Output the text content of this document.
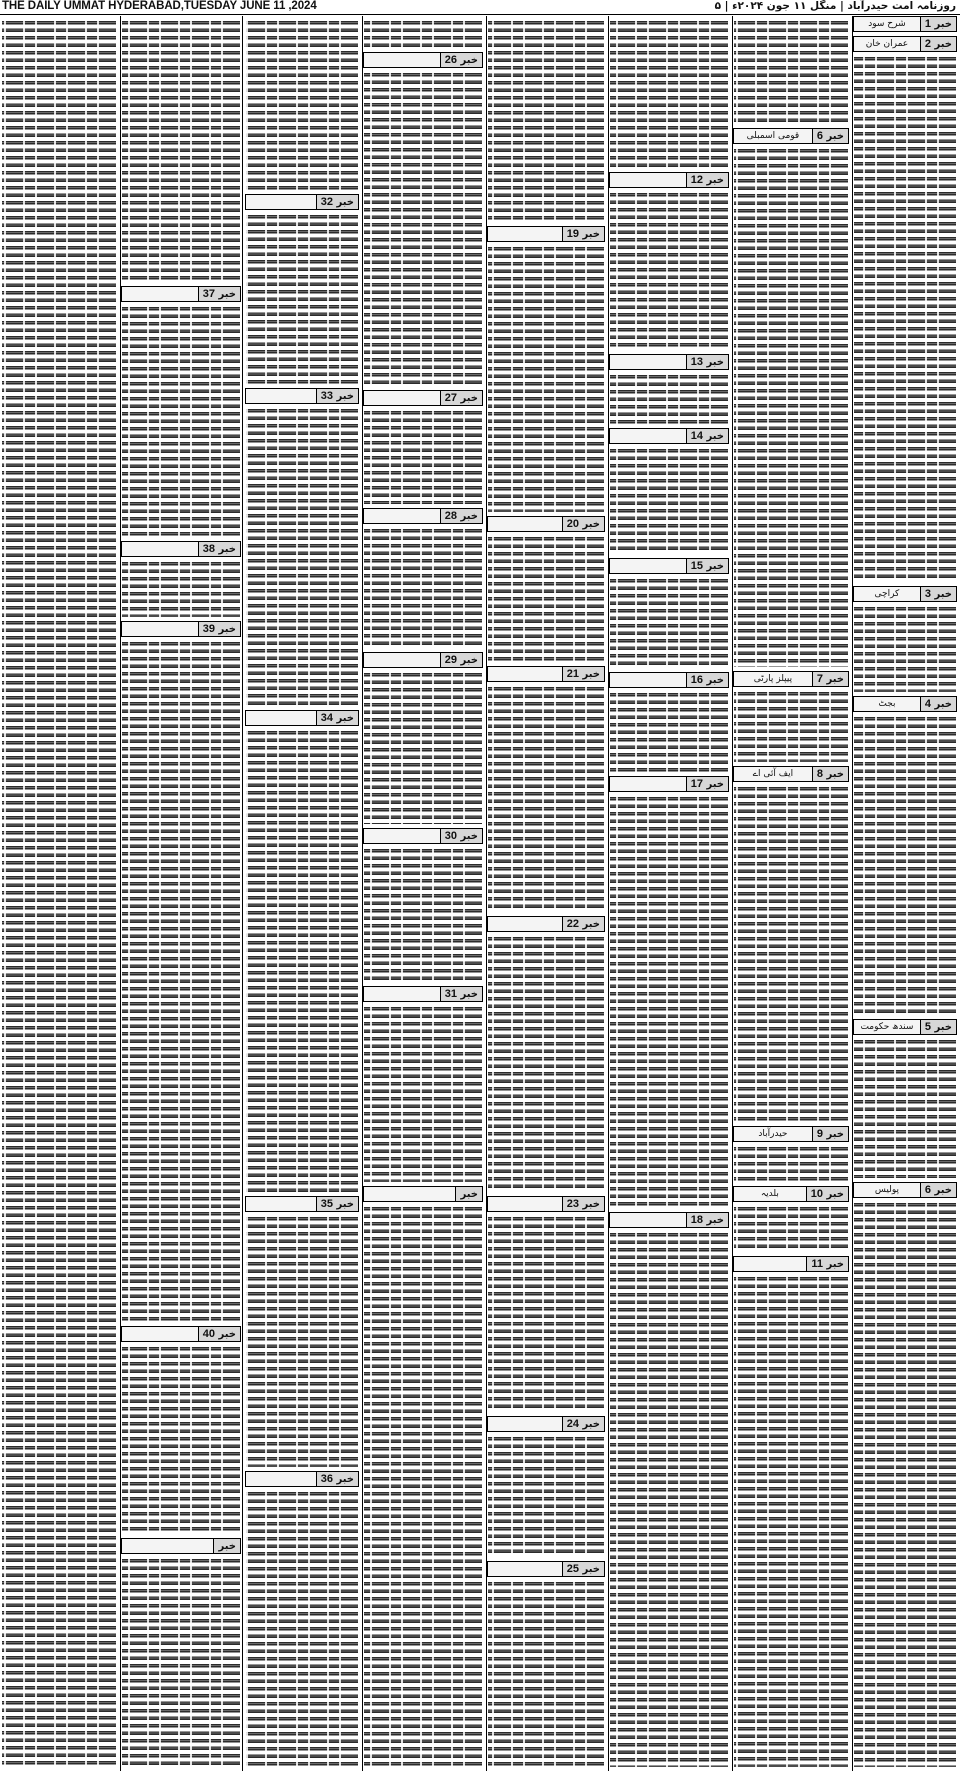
THE DAILY UMMAT HYDERABAD,TUESDAY JUNE 11 ,2024	روزنامہ امت حیدرآباد | منگل ۱۱ جون ۲۰۲۴ء | ۵
خبر 1
شرح سود
خبر 2
عمران خان
خبر 3
کراچی
خبر 4
بجٹ
خبر 5
سندھ حکومت
خبر 6
پولیس
خبر 6
قومی اسمبلی
خبر 7
پیپلز پارٹی
خبر 8
ایف آئی اے
خبر 9
حیدرآباد
خبر 10
بلدیہ
خبر 11
خبر 12
خبر 13
خبر 14
خبر 15
خبر 16
خبر 17
خبر 18
خبر 19
خبر 20
خبر 21
خبر 22
خبر 23
خبر 24
خبر 25
خبر 26
خبر 27
خبر 28
خبر 29
خبر 30
خبر 31
خبر
خبر 32
خبر 33
خبر 34
خبر 35
خبر 36
خبر 37
خبر 38
خبر 39
خبر 40
خبر
